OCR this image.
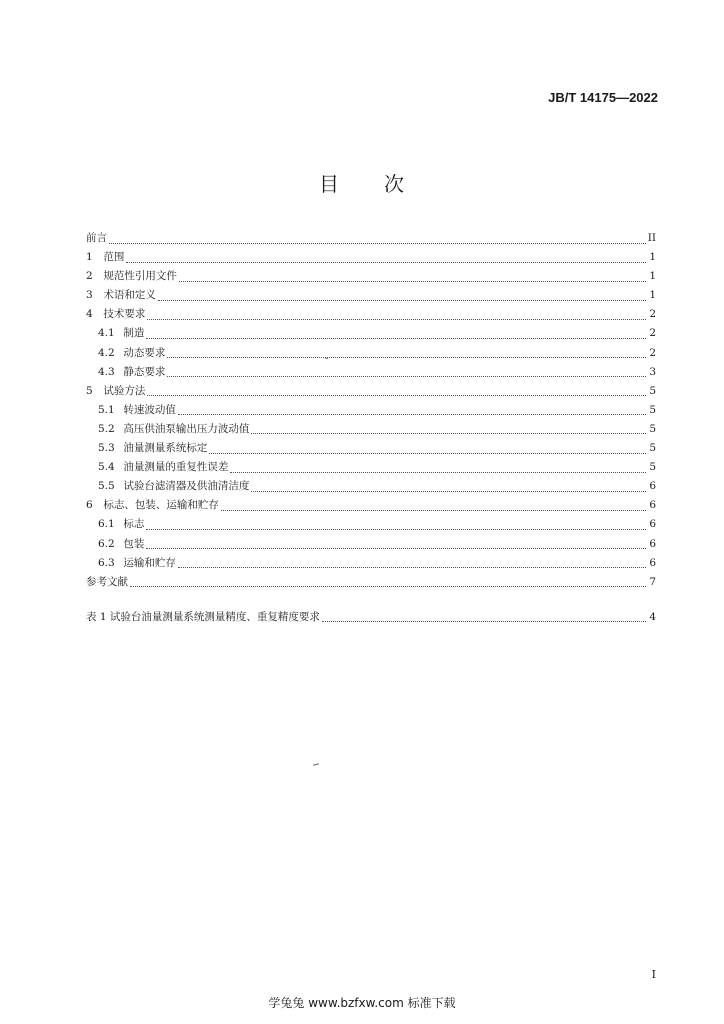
JB/T 14175—2022
目 次
前言	II
1 范围	1
2 规范性引用文件	1
3 术语和定义	1
4 技术要求	2
4.1 制造	2
4.2 动态要求	2
4.3 静态要求	3
5 试验方法	5
5.1 转速波动值	5
5.2 高压供油泵输出压力波动值	5
5.3 油量测量系统标定	5
5.4 油量测量的重复性误差	5
5.5 试验台滤清器及供油清洁度	6
6 标志、包装、运输和贮存	6
6.1 标志	6
6.2 包装	6
6.3 运输和贮存	6
参考文献	7
表 1 试验台油量测量系统测量精度、重复精度要求	4
I
学兔兔 www.bzfxw.com 标准下载
